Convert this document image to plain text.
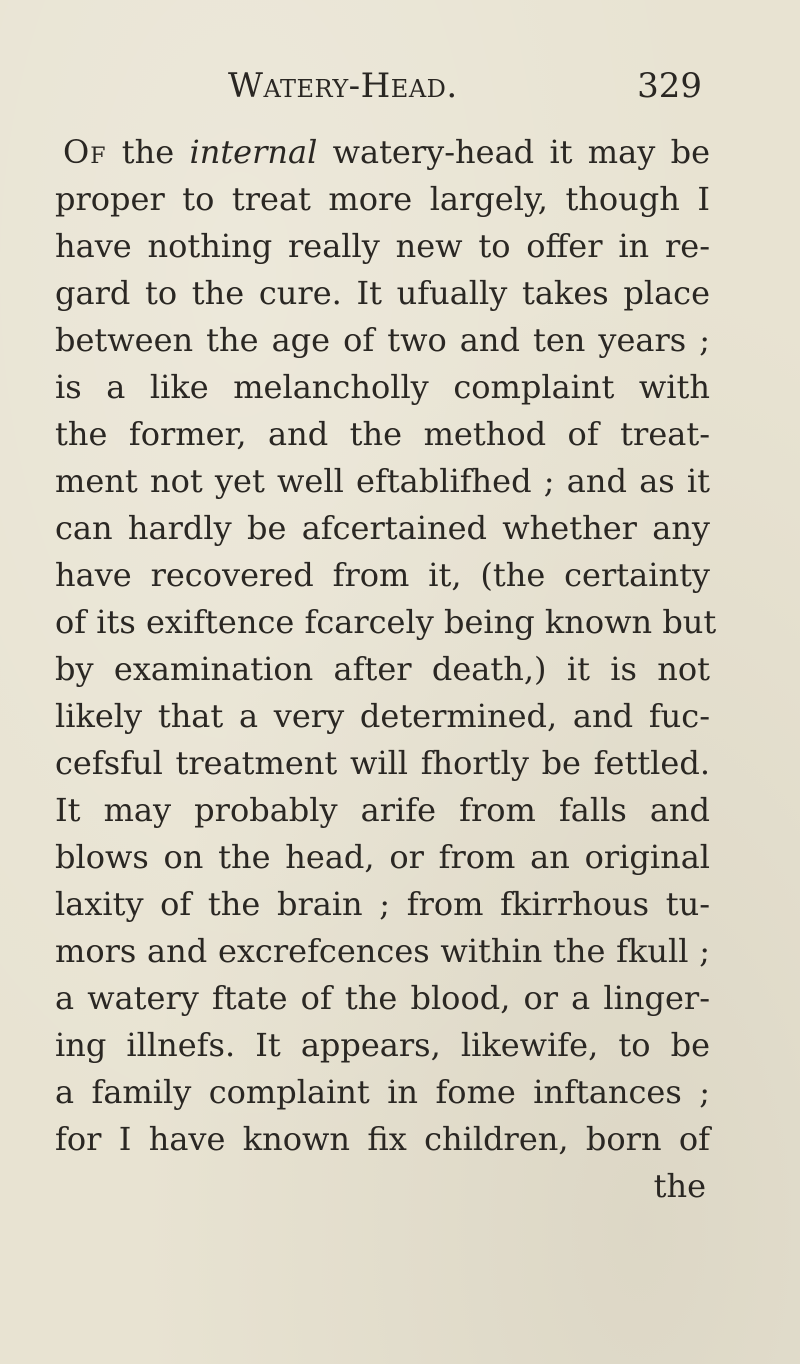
Watery-Head.	329
Of the internal watery-head it may be
proper to treat more largely, though I
have nothing really new to offer in re-
gard to the cure. It ufually takes place
between the age of two and ten years ;
is a like melancholly complaint with
the former, and the method of treat-
ment not yet well eftablifhed ; and as it
can hardly be afcertained whether any
have recovered from it, (the certainty
of its exiftence fcarcely being known but
by examination after death,) it is not
likely that a very determined, and fuc-
cefsful treatment will fhortly be fettled.
It may probably arife from falls and
blows on the head, or from an original
laxity of the brain ; from fkirrhous tu-
mors and excrefcences within the fkull ;
a watery ftate of the blood, or a linger-
ing illnefs. It appears, likewife, to be
a family complaint in fome inftances ;
for I have known fix children, born of
the
